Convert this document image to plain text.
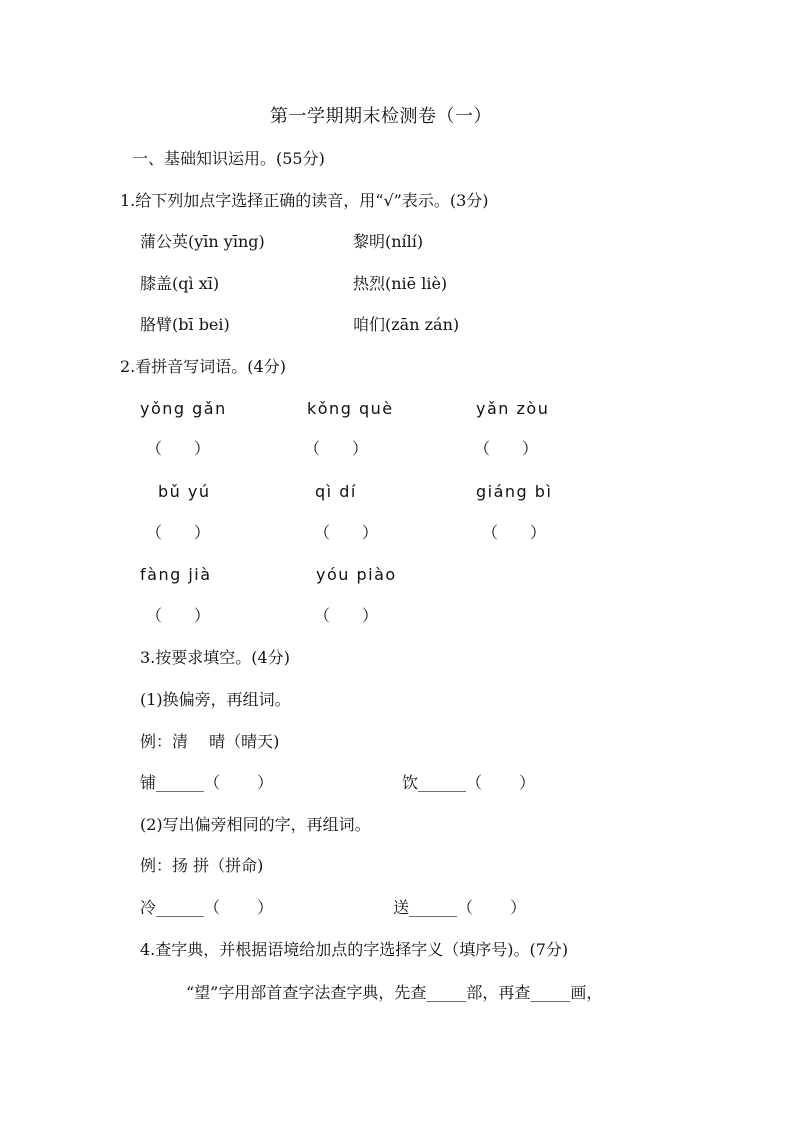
第一学期期末检测卷（一）
一、基础知识运用。(55分)
1.给下列加点字选择正确的读音，用“√”表示。(3分)
蒲公英(yīn yīng)	黎明(nílí)
膝盖(qì xī)	热烈(niē liè)
胳臂(bī bei)	咱们(zān zán)
2.看拼音写词语。(4分)
yǒng gǎn	kǒng què	yǎn zòu
（　　）	（　　）	（　　）
bǔ yú	qì dí	giáng bì
（　　）	（　　）	（　　）
fàng jià	yóu piào
（　　）	（　　）
3.按要求填空。(4分)
(1)换偏旁，再组词。
例：清　 晴（晴天)
铺______（　　 ）	饮______（　　 ）
(2)写出偏旁相同的字，再组词。
例：扬 拼（拼命)
冷______（　　 ）	送______（　　 ）
4.查字典，并根据语境给加点的字选择字义（填序号)。(7分)
“望”字用部首查字法查字典，先查_____部，再查_____画，
